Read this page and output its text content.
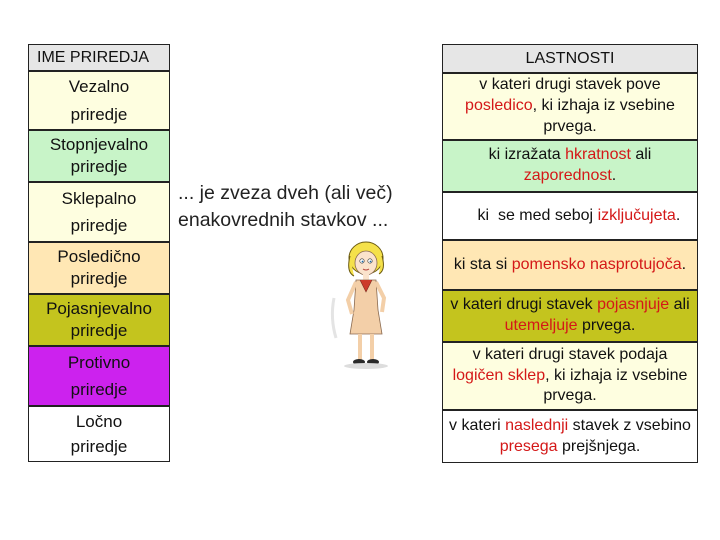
IME PRIREDJA
Vezalno
priredje
Stopnjevalno
priredje
Sklepalno
priredje
Posledično
priredje
Pojasnjevalno
priredje
Protivno
priredje
Ločno
priredje
... je zveza dveh (ali več)
enakovrednih stavkov ...
LASTNOSTI
v kateri drugi stavek pove posledico, ki izhaja iz vsebine prvega.
ki izražata hkratnost ali zaporednost.

ki  se med seboj izključujeta.

ki sta si pomensko nasprotujoča.
v kateri drugi stavek pojasnjuje ali utemeljuje prvega.
v kateri drugi stavek podaja logičen sklep, ki izhaja iz vsebine prvega.
v kateri naslednji stavek z vsebino presega prejšnjega.
